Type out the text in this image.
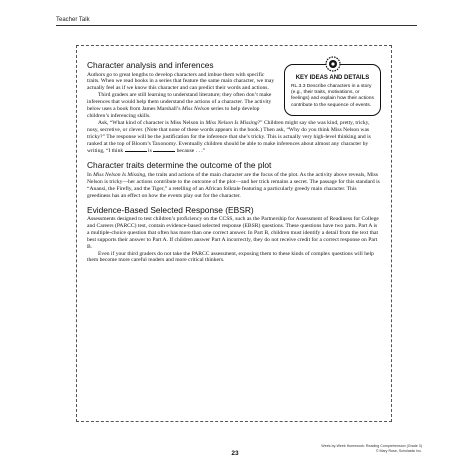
Teacher Talk
KEY IDEAS AND DETAILS
RL.3.3 Describe characters in a story (e.g., their traits, motivations, or feelings) and explain how their actions contribute to the sequence of events.
Character analysis and inferences

Authors go to great lengths to develop characters and imbue them with specific traits. When we read books in a series that feature the same main character, we may actually feel as if we know this character and can predict their words and actions.

Third graders are still learning to understand literature; they often don’t make inferences that would help them understand the actions of a character. The activity below uses a book from James Marshall’s Miss Nelson series to help develop children’s inferencing skills.

Ask, “What kind of character is Miss Nelson in Miss Nelson Is Missing?” Children might say she was kind, pretty, tricky, nosy, secretive, or clever. (Note that none of these words appears in the book.) Then ask, “Why do you think Miss Nelson was tricky?” The response will be the justification for the inference that she’s tricky. This is actually very high-level thinking and is ranked at the top of Bloom’s Taxonomy. Eventually children should be able to make inferences about almost any character by writing, “I think	is	because . . .”

Character traits determine the outcome of the plot

In Miss Nelson Is Missing, the traits and actions of the main character are the focus of the plot. As the activity above reveals, Miss Nelson is tricky—her actions contribute to the outcome of the plot—and her trick remains a secret. The passage for this standard is “Anansi, the Firefly, and the Tiger,” a retelling of an African folktale featuring a particularly greedy main character. This greediness has an effect on how the events play out for the character.

Evidence-Based Selected Response (EBSR)

Assessments designed to test children’s proficiency on the CCSS, such as the Partnership for Assessment of Readiness for College and Careers (PARCC) test, contain evidence-based selected response (EBSR) questions. These questions have two parts. Part A is a multiple-choice question that often has more than one correct answer. In Part B, children must identify a detail from the text that best supports their answer to Part A. If children answer Part A incorrectly, they do not receive credit for a correct response on Part B.

Even if your third graders do not take the PARCC assessment, exposing them to these kinds of complex questions will help them become more careful readers and more critical thinkers.

Week-by-Week Homework: Reading Comprehension (Grade 3)
© Mary Rose, Scholastic Inc.
23
